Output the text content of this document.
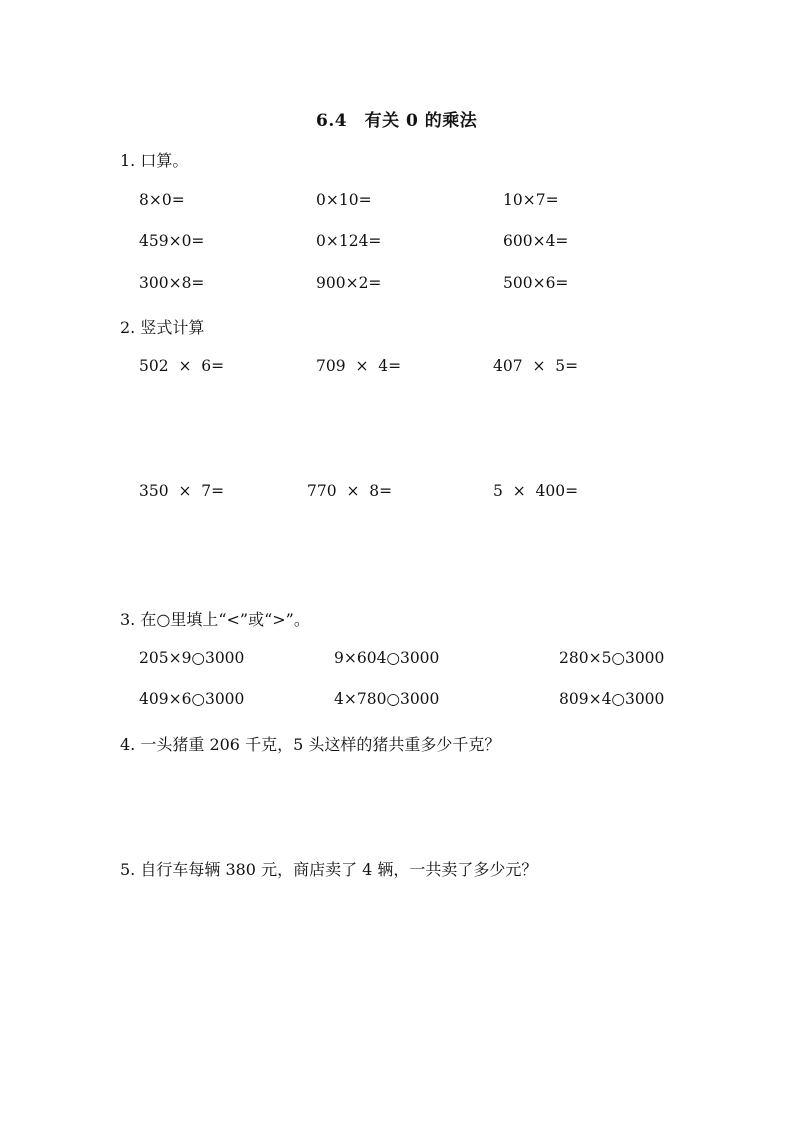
6.4　有关 0 的乘法
1. 口算。
8×0=	0×10=	10×7=
459×0=	0×124=	600×4=
300×8=	900×2=	500×6=
2. 竖式计算
502  ×  6=	709  ×  4=	407  ×  5=
350  ×  7=	770  ×  8=	5  ×  400=
3. 在○里填上“<”或“>”。
205×9○3000	9×604○3000	280×5○3000
409×6○3000	4×780○3000	809×4○3000
4. 一头猪重 206 千克，5 头这样的猪共重多少千克？
5. 自行车每辆 380 元，商店卖了 4 辆，一共卖了多少元？
